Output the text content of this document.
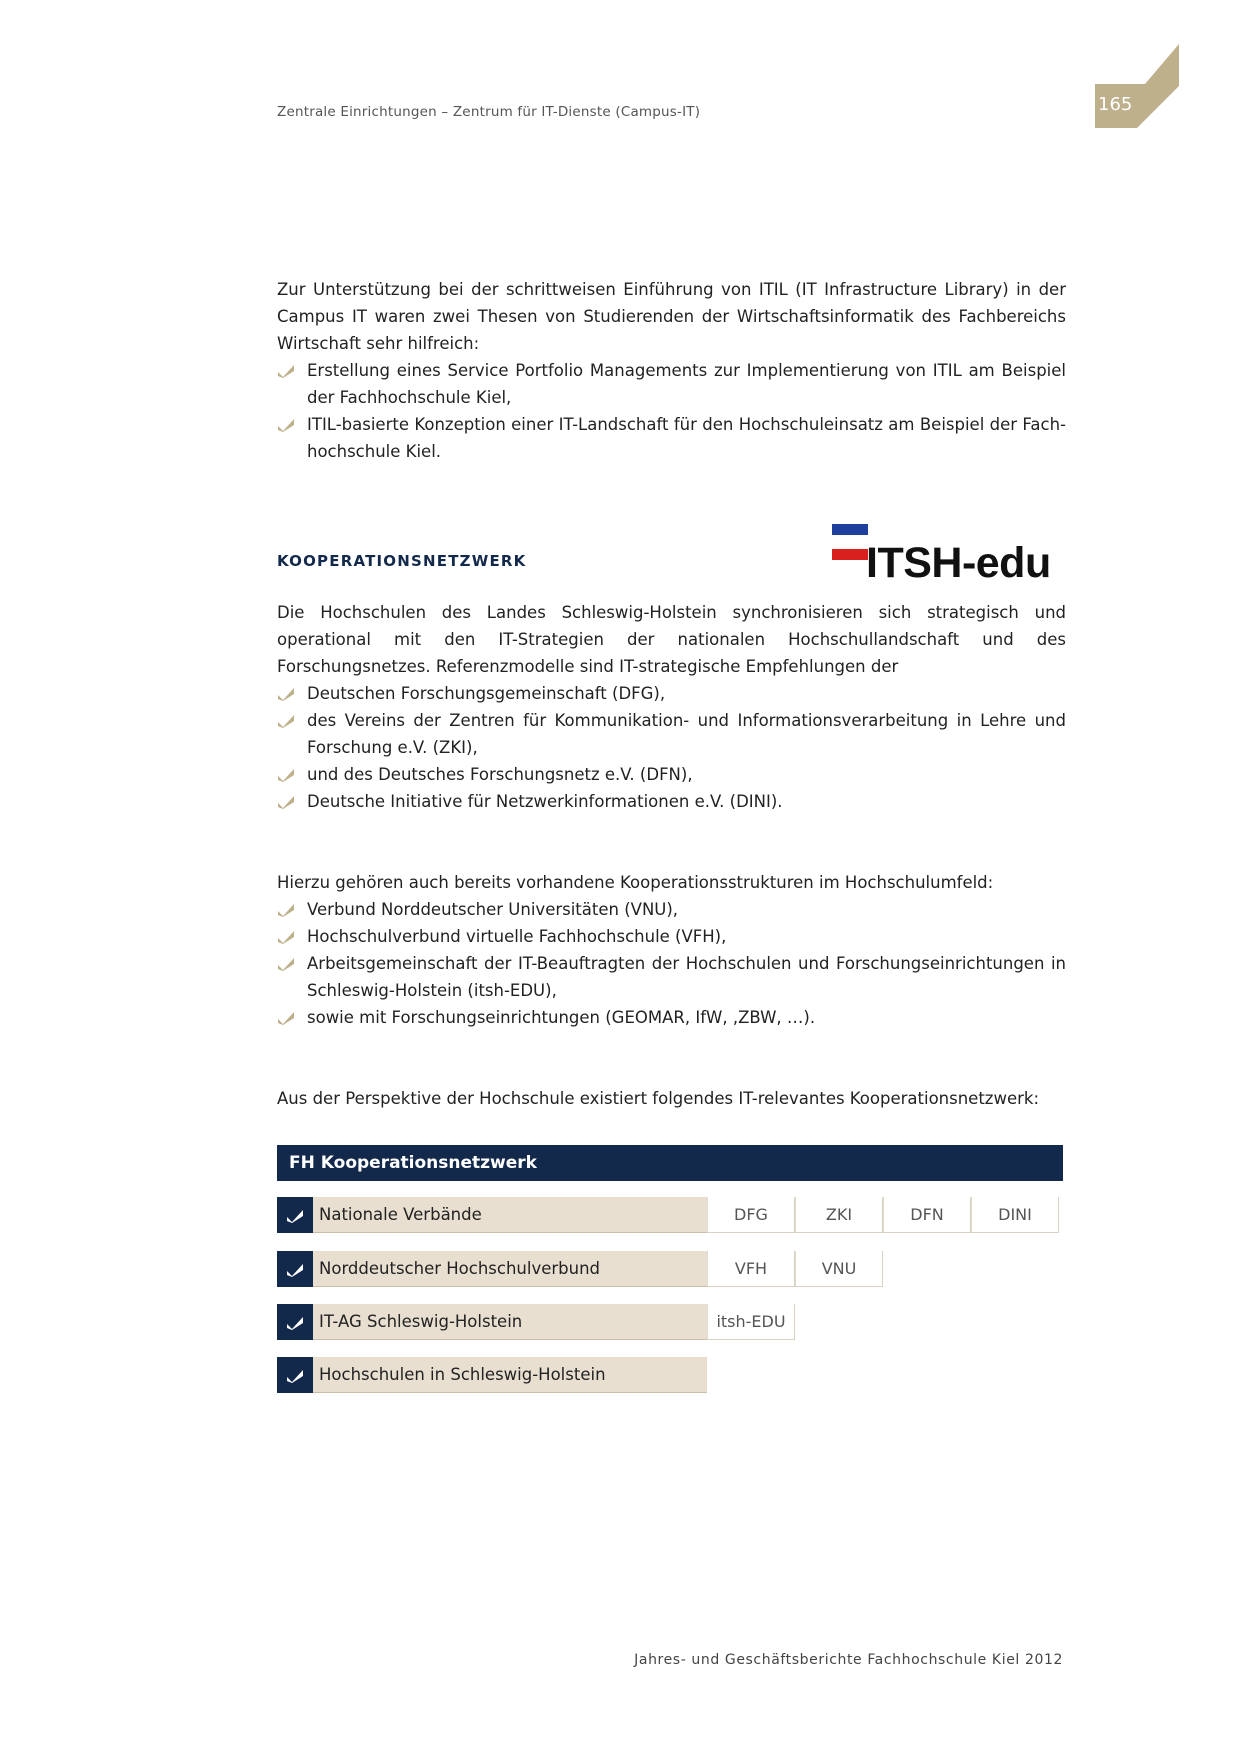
Zentrale Einrichtungen – Zentrum für IT-Dienste (Campus-IT)	165

Zur Unterstützung bei der schrittweisen Einführung von ITIL (IT Infrastructure Library) in der Campus IT waren zwei Thesen von Studierenden der Wirtschaftsinformatik des Fachbereichs Wirtschaft sehr hilfreich:

Erstellung eines Service Portfolio Managements zur Implementierung von ITIL am Beispiel der Fachhochschule Kiel,
ITIL-basierte Konzeption einer IT-Landschaft für den Hochschuleinsatz am Beispiel der Fach-hochschule Kiel.
KOOPERATIONSNETZWERK	ITSH-edu

Die Hochschulen des Landes Schleswig-Holstein synchronisieren sich strategisch und operational mit den IT-Strategien der nationalen Hochschullandschaft und des Forschungsnetzes. Referenzmodelle sind IT-strategische Empfehlungen der

Deutschen Forschungsgemeinschaft (DFG),
des Vereins der Zentren für Kommunikation- und Informationsverarbeitung in Lehre und Forschung e.V. (ZKI),
und des Deutsches Forschungsnetz e.V. (DFN),
Deutsche Initiative für Netzwerkinformationen e.V. (DINI).

Hierzu gehören auch bereits vorhandene Kooperationsstrukturen im Hochschulumfeld:

Verbund Norddeutscher Universitäten (VNU),
Hochschulverbund virtuelle Fachhochschule (VFH),
Arbeitsgemeinschaft der IT-Beauftragten der Hochschulen und Forschungseinrichtungen in Schleswig-Holstein (itsh-EDU),
sowie mit Forschungseinrichtungen (GEOMAR, IfW, ,ZBW, …).

Aus der Perspektive der Hochschule existiert folgendes IT-relevantes Kooperationsnetzwerk:

FH Kooperationsnetzwerk
Nationale Verbände	DFG	ZKI	DFN	DINI
Norddeutscher Hochschulverbund	VFH	VNU
IT-AG Schleswig-Holstein	itsh-EDU
Hochschulen in Schleswig-Holstein
Jahres- und Geschäftsberichte Fachhochschule Kiel 2012
